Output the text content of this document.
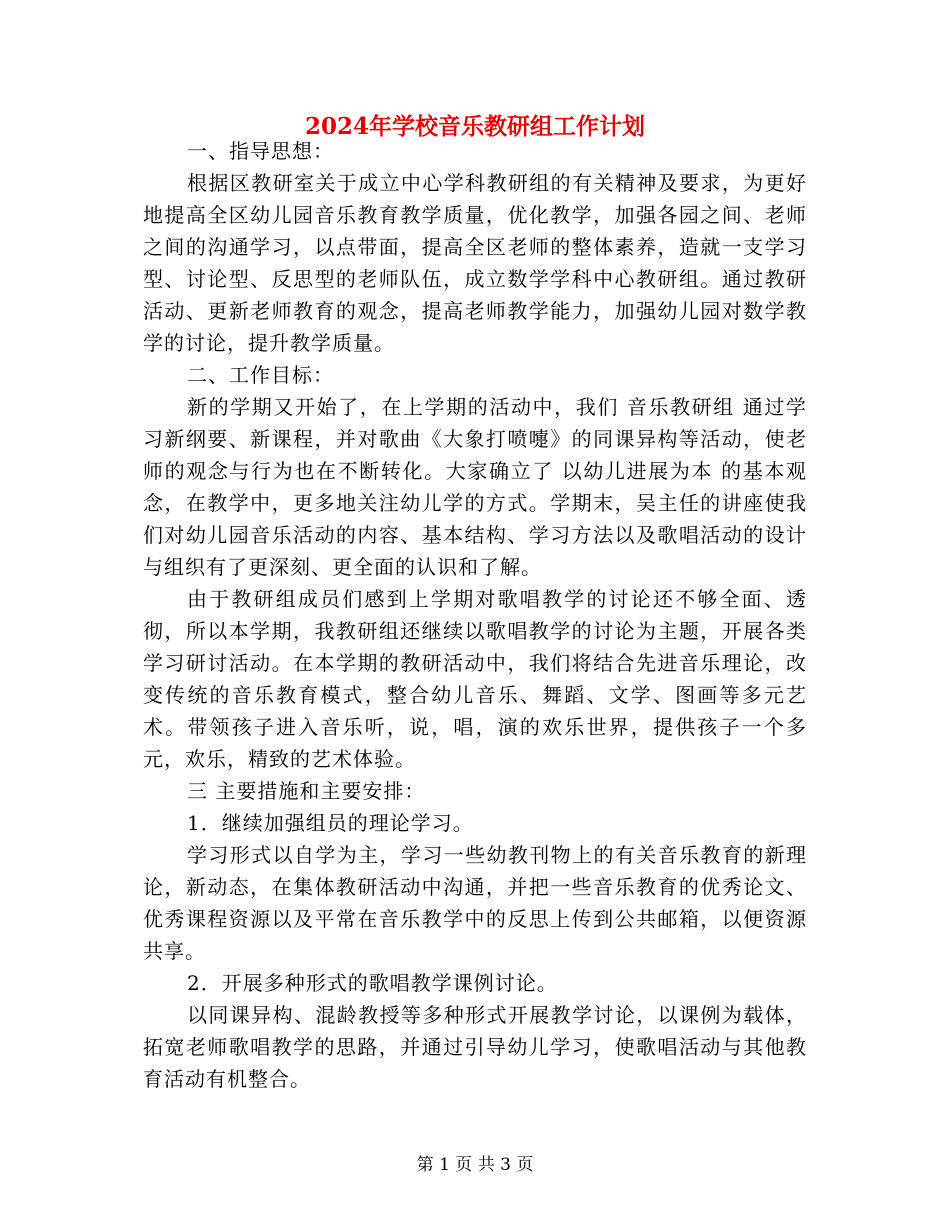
2024年学校音乐教研组工作计划

一、指导思想：

根据区教研室关于成立中心学科教研组的有关精神及要求，为更好地提高全区幼儿园音乐教育教学质量，优化教学，加强各园之间、老师之间的沟通学习，以点带面，提高全区老师的整体素养，造就一支学习型、讨论型、反思型的老师队伍，成立数学学科中心教研组。通过教研活动、更新老师教育的观念，提高老师教学能力，加强幼儿园对数学教学的讨论，提升教学质量。

二、工作目标：

新的学期又开始了，在上学期的活动中，我们 音乐教研组 通过学习新纲要、新课程，并对歌曲《大象打喷嚏》的同课异构等活动，使老师的观念与行为也在不断转化。大家确立了 以幼儿进展为本 的基本观念，在教学中，更多地关注幼儿学的方式。学期末，吴主任的讲座使我们对幼儿园音乐活动的内容、基本结构、学习方法以及歌唱活动的设计与组织有了更深刻、更全面的认识和了解。

由于教研组成员们感到上学期对歌唱教学的讨论还不够全面、透彻，所以本学期，我教研组还继续以歌唱教学的讨论为主题，开展各类学习研讨活动。在本学期的教研活动中，我们将结合先进音乐理论，改变传统的音乐教育模式，整合幼儿音乐、舞蹈、文学、图画等多元艺术。带领孩子进入音乐听，说，唱，演的欢乐世界，提供孩子一个多元，欢乐，精致的艺术体验。

三 主要措施和主要安排：

1．继续加强组员的理论学习。

学习形式以自学为主，学习一些幼教刊物上的有关音乐教育的新理论，新动态，在集体教研活动中沟通，并把一些音乐教育的优秀论文、优秀课程资源以及平常在音乐教学中的反思上传到公共邮箱，以便资源共享。

2．开展多种形式的歌唱教学课例讨论。

以同课异构、混龄教授等多种形式开展教学讨论，以课例为载体，拓宽老师歌唱教学的思路，并通过引导幼儿学习，使歌唱活动与其他教育活动有机整合。

第 1 页 共 3 页
